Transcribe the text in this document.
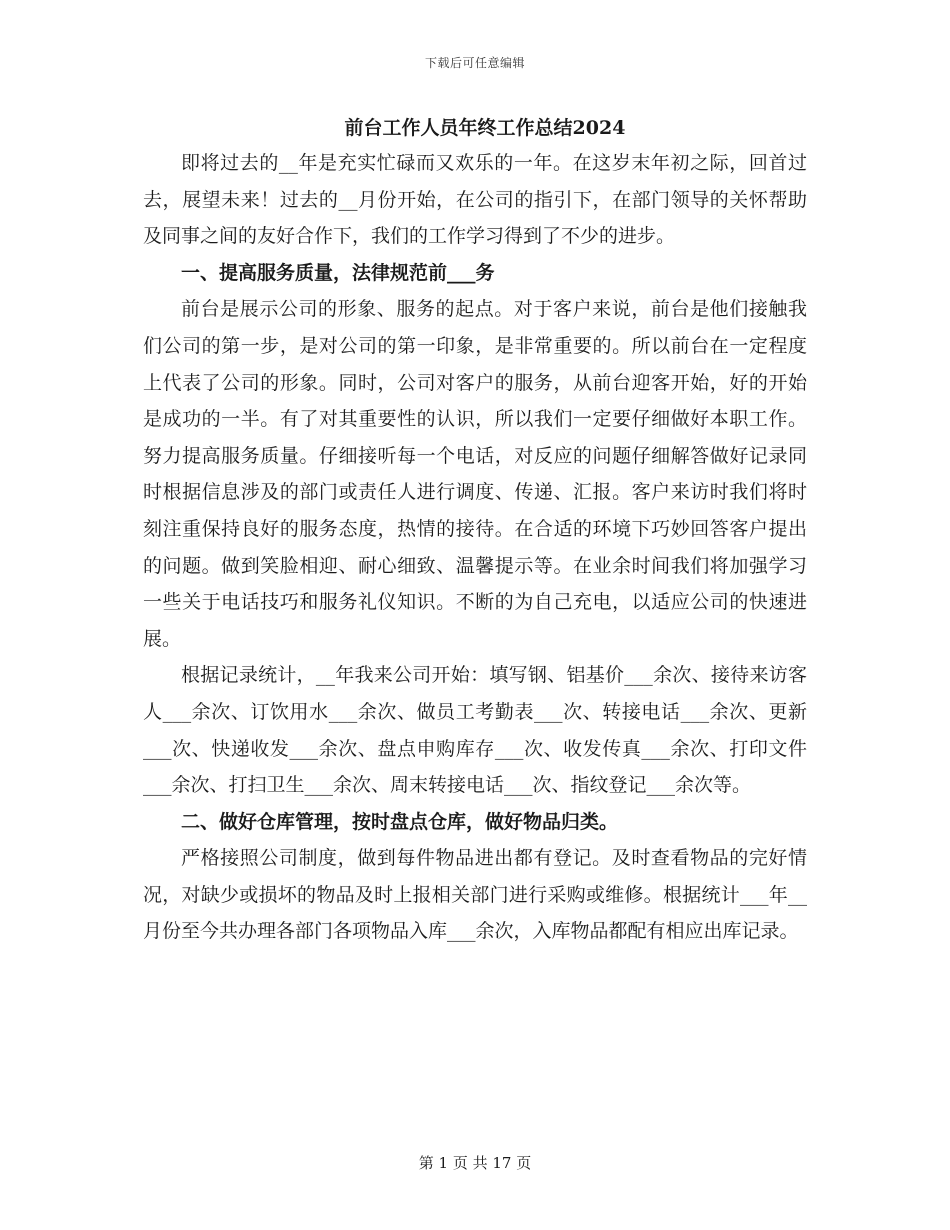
下载后可任意编辑
前台工作人员年终工作总结2024

即将过去的__年是充实忙碌而又欢乐的一年。在这岁末年初之际，回首过去，展望未来！过去的__月份开始，在公司的指引下，在部门领导的关怀帮助及同事之间的友好合作下，我们的工作学习得到了不少的进步。

一、提高服务质量，法律规范前___务

前台是展示公司的形象、服务的起点。对于客户来说，前台是他们接触我们公司的第一步，是对公司的第一印象，是非常重要的。所以前台在一定程度上代表了公司的形象。同时，公司对客户的服务，从前台迎客开始，好的开始是成功的一半。有了对其重要性的认识，所以我们一定要仔细做好本职工作。努力提高服务质量。仔细接听每一个电话，对反应的问题仔细解答做好记录同时根据信息涉及的部门或责任人进行调度、传递、汇报。客户来访时我们将时刻注重保持良好的服务态度，热情的接待。在合适的环境下巧妙回答客户提出的问题。做到笑脸相迎、耐心细致、温馨提示等。在业余时间我们将加强学习一些关于电话技巧和服务礼仪知识。不断的为自己充电，以适应公司的快速进展。

根据记录统计，__年我来公司开始：填写钢、铝基价___余次、接待来访客人___余次、订饮用水___余次、做员工考勤表___次、转接电话___余次、更新___次、快递收发___余次、盘点申购库存___次、收发传真___余次、打印文件___余次、打扫卫生___余次、周末转接电话___次、指纹登记___余次等。

二、做好仓库管理，按时盘点仓库，做好物品归类。

严格接照公司制度，做到每件物品进出都有登记。及时查看物品的完好情况，对缺少或损坏的物品及时上报相关部门进行采购或维修。根据统计___年__月份至今共办理各部门各项物品入库___余次，入库物品都配有相应出库记录。

第 1 页 共 17 页
